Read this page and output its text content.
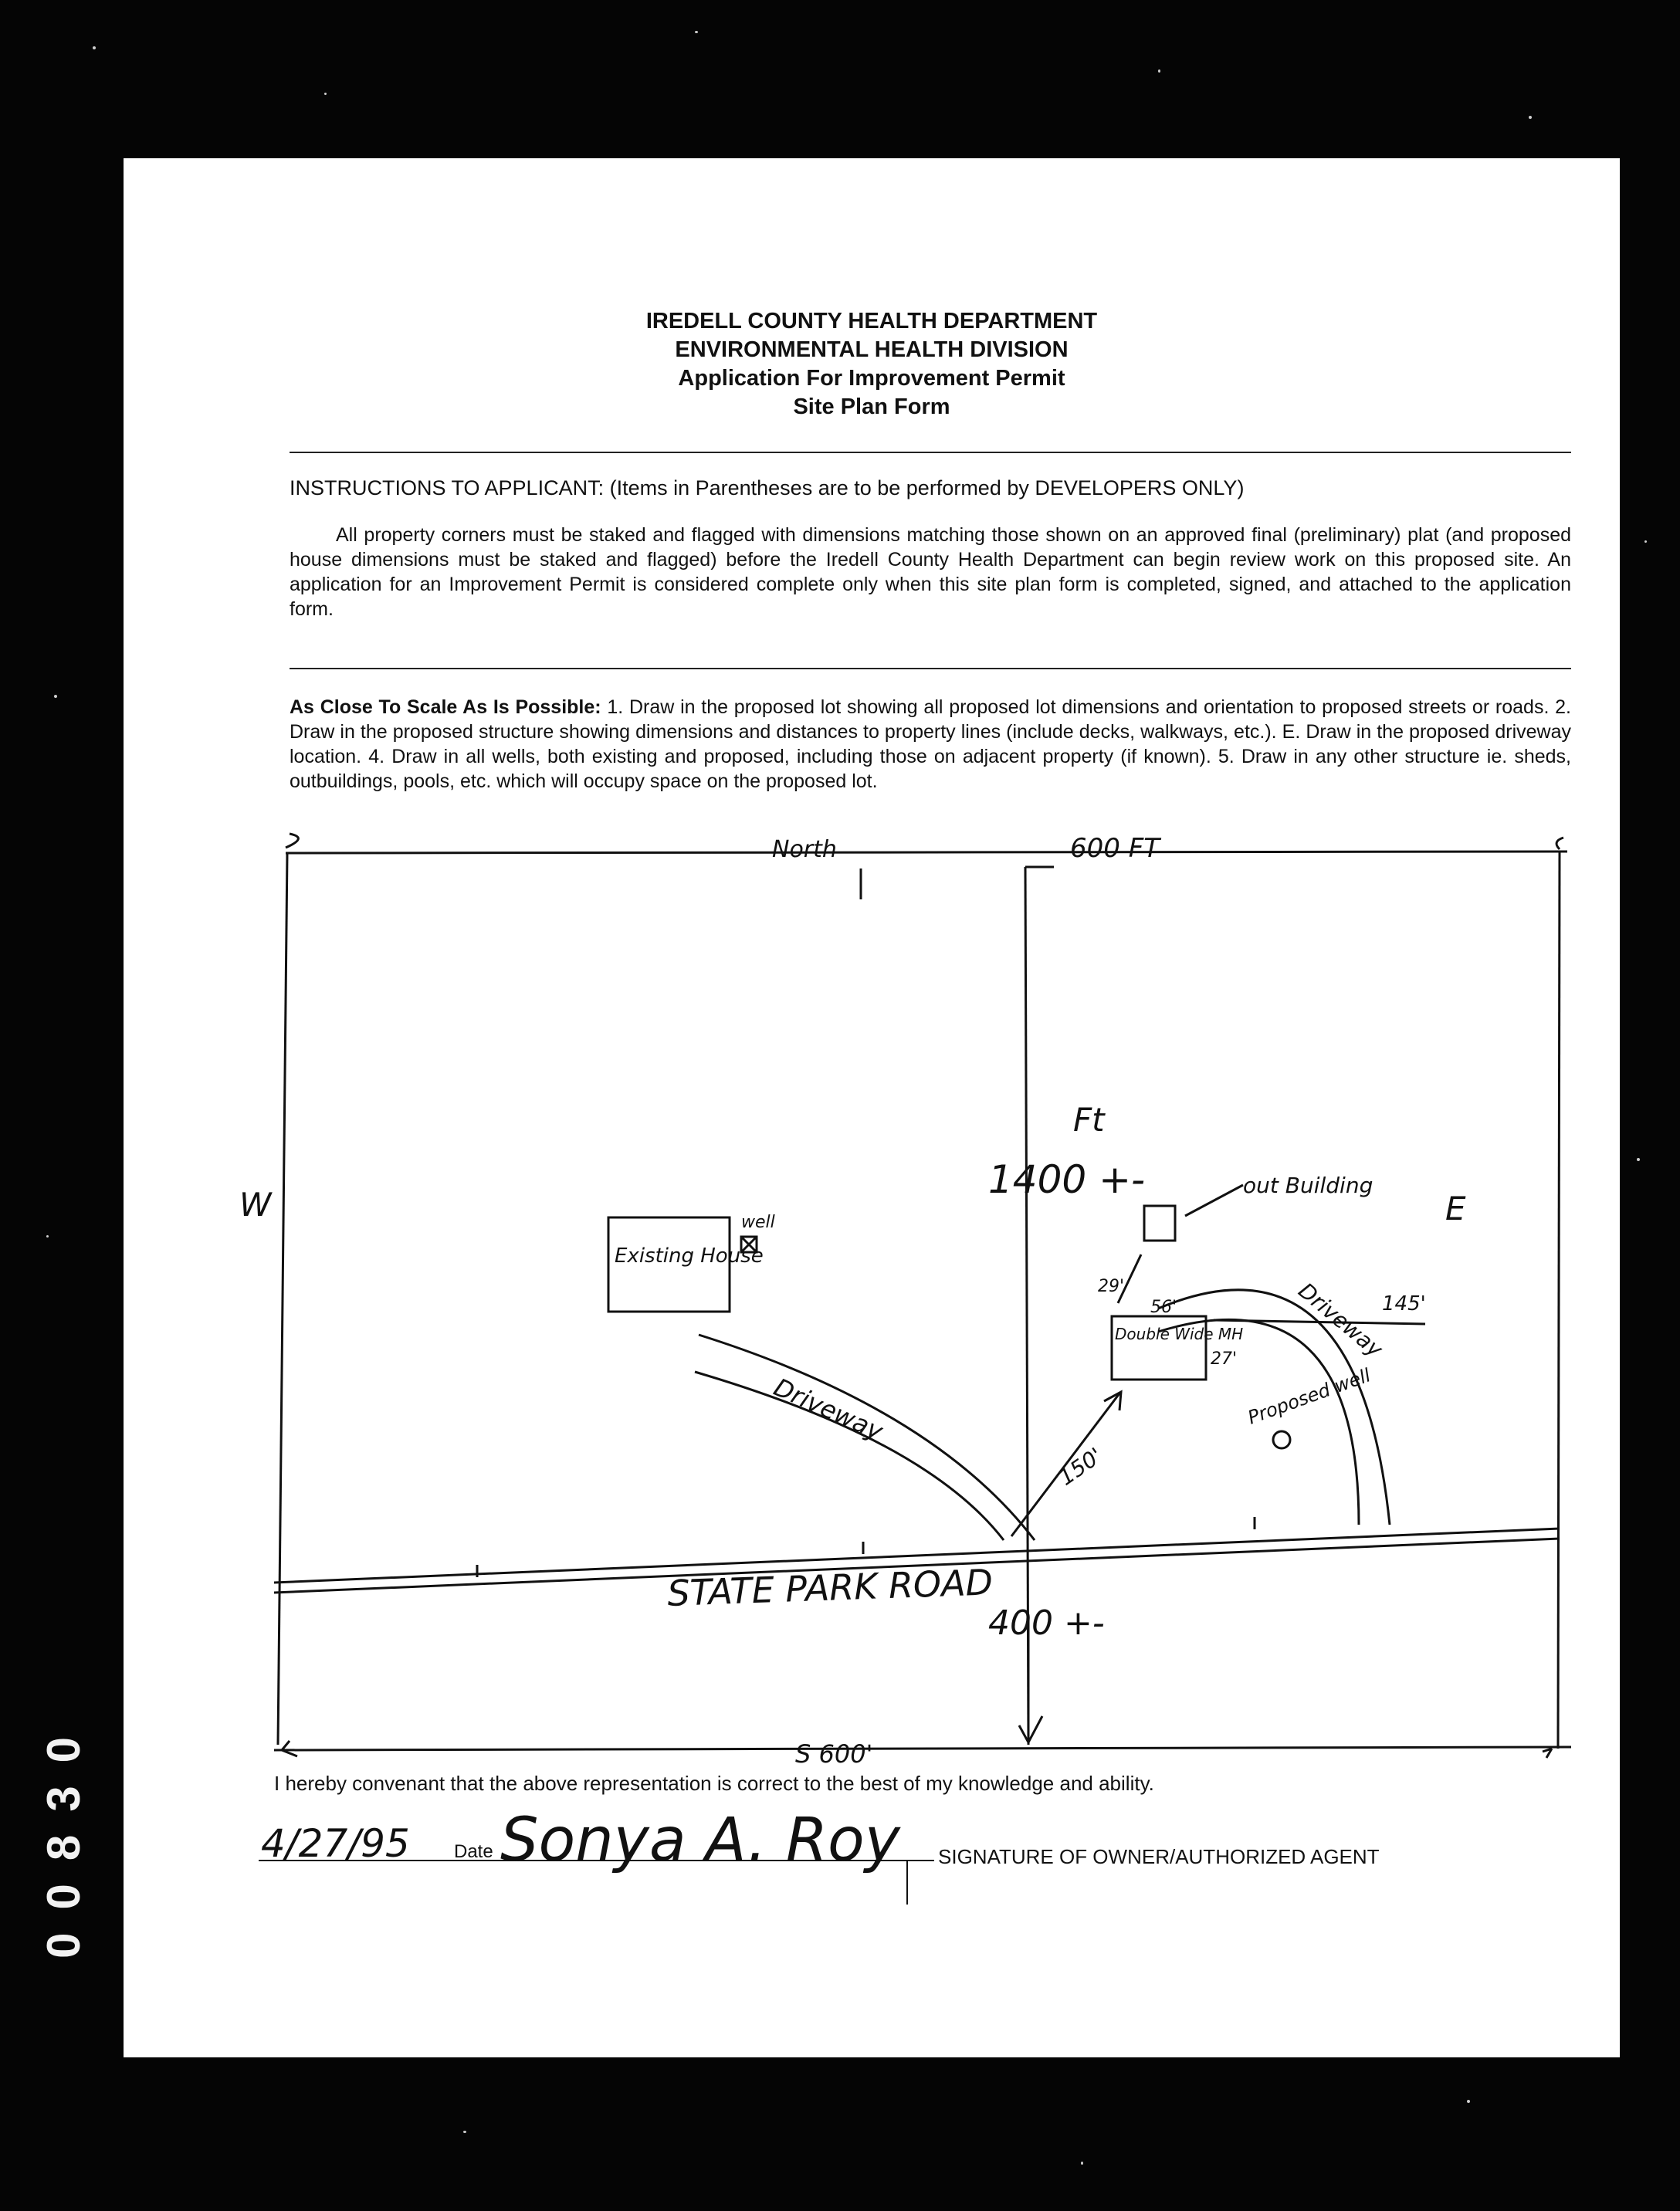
IREDELL COUNTY HEALTH DEPARTMENT
ENVIRONMENTAL HEALTH DIVISION
Application For Improvement Permit
Site Plan Form
INSTRUCTIONS TO APPLICANT: (Items in Parentheses are to be performed by DEVELOPERS ONLY)
All property corners must be staked and flagged with dimensions matching those shown on an approved final (preliminary) plat (and proposed house dimensions must be staked and flagged) before the Iredell County Health Department can begin review work on this proposed site. An application for an Improvement Permit is considered complete only when this site plan form is completed, signed, and attached to the application form.
As Close To Scale As Is Possible: 1. Draw in the proposed lot showing all proposed lot dimensions and orientation to proposed streets or roads. 2. Draw in the proposed structure showing dimensions and distances to property lines (include decks, walkways, etc.). E. Draw in the proposed driveway location. 4. Draw in all wells, both existing and proposed, including those on adjacent property (if known). 5. Draw in any other structure ie. sheds, outbuildings, pools, etc. which will occupy space on the proposed lot.
North	600 FT
W	E
Ft
1400 +-	out Building
Existing House
well
Driveway
Driveway
Double Wide MH
29'
56'
27'
145'
150'
Proposed well
STATE PARK ROAD
400 +-
S 600'
4/27/95 Sonya A. Roy
I hereby convenant that the above representation is correct to the best of my knowledge and ability.
Date	SIGNATURE OF OWNER/AUTHORIZED AGENT
00830
